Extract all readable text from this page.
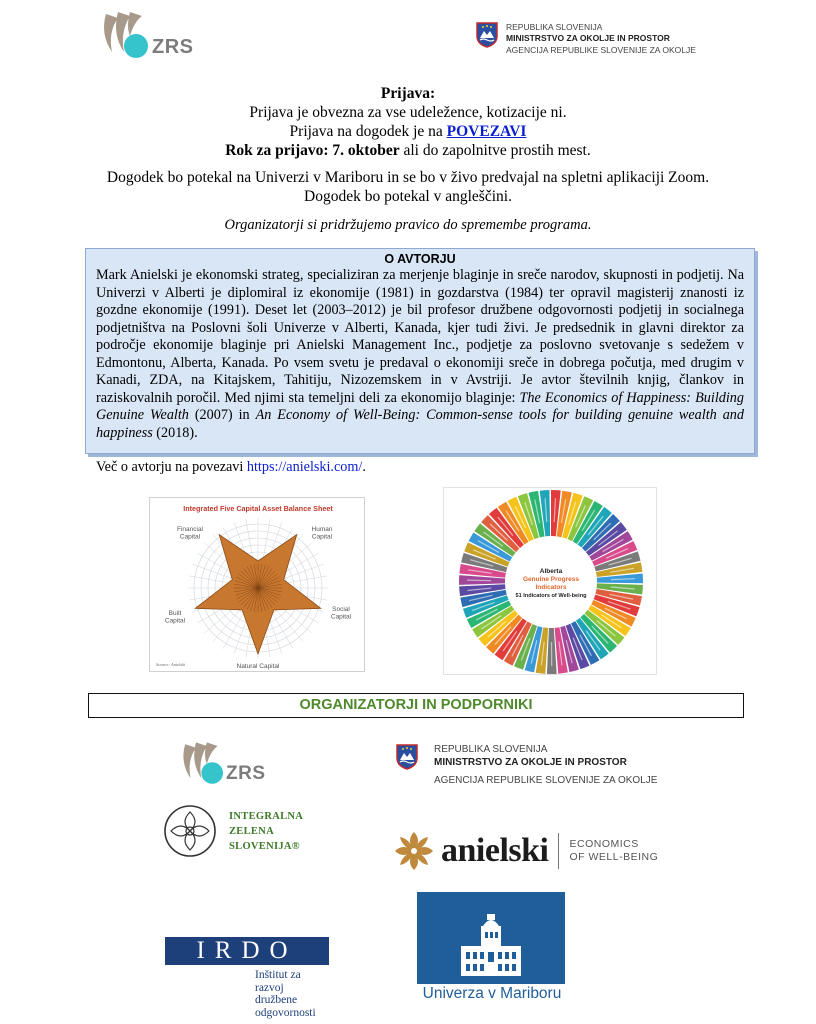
ZRS
REPUBLIKA SLOVENIJA
MINISTRSTVO ZA OKOLJE IN PROSTOR
AGENCIJA REPUBLIKE SLOVENIJE ZA OKOLJE
Prijava:
Prijava je obvezna za vse udeležence, kotizacije ni.
Prijava na dogodek je na POVEZAVI
Rok za prijavo: 7. oktober ali do zapolnitve prostih mest.
Dogodek bo potekal na Univerzi v Mariboru in se bo v živo predvajal na spletni aplikaciji Zoom.
Dogodek bo potekal v angleščini.
Organizatorji si pridržujemo pravico do spremembe programa.
O AVTORJU
Mark Anielski je ekonomski strateg, specializiran za merjenje blaginje in sreče narodov, skupnosti in podjetij. Na Univerzi v Alberti je diplomiral iz ekonomije (1981) in gozdarstva (1984) ter opravil magisterij znanosti iz gozdne ekonomije (1991). Deset let (2003–2012) je bil profesor družbene odgovornosti podjetij in socialnega podjetništva na Poslovni šoli Univerze v Alberti, Kanada, kjer tudi živi. Je predsednik in glavni direktor za področje ekonomije blaginje pri Anielski Management Inc., podjetje za poslovno svetovanje s sedežem v Edmontonu, Alberta, Kanada. Po vsem svetu je predaval o ekonomiji sreče in dobrega počutja, med drugim v Kanadi, ZDA, na Kitajskem, Tahitiju, Nizozemskem in v Avstriji. Je avtor številnih knjig, člankov in raziskovalnih poročil. Med njimi sta temeljni deli za ekonomijo blaginje: The Economics of Happiness: Building Genuine Wealth (2007) in An Economy of Well-Being: Common-sense tools for building genuine wealth and happiness (2018).
Več o avtorju na povezavi https://anielski.com/.
Integrated Five Capital Asset Balance Sheet
Financial Capital
Human Capital
Built Capital
Social Capital
Natural Capital
Source: Anielski
Alberta
Genuine Progress
Indicators
51 Indicators of Well-being
ORGANIZATORJI IN PODPORNIKI
ZRS
REPUBLIKA SLOVENIJA
MINISTRSTVO ZA OKOLJE IN PROSTOR
AGENCIJA REPUBLIKE SLOVENIJE ZA OKOLJE
INTEGRALNA
ZELENA
SLOVENIJA®	anielski ECONOMICS
OF WELL-BEING
IRDO
Inštitut za
razvoj
družbene
odgovornosti
Univerza v Mariboru
